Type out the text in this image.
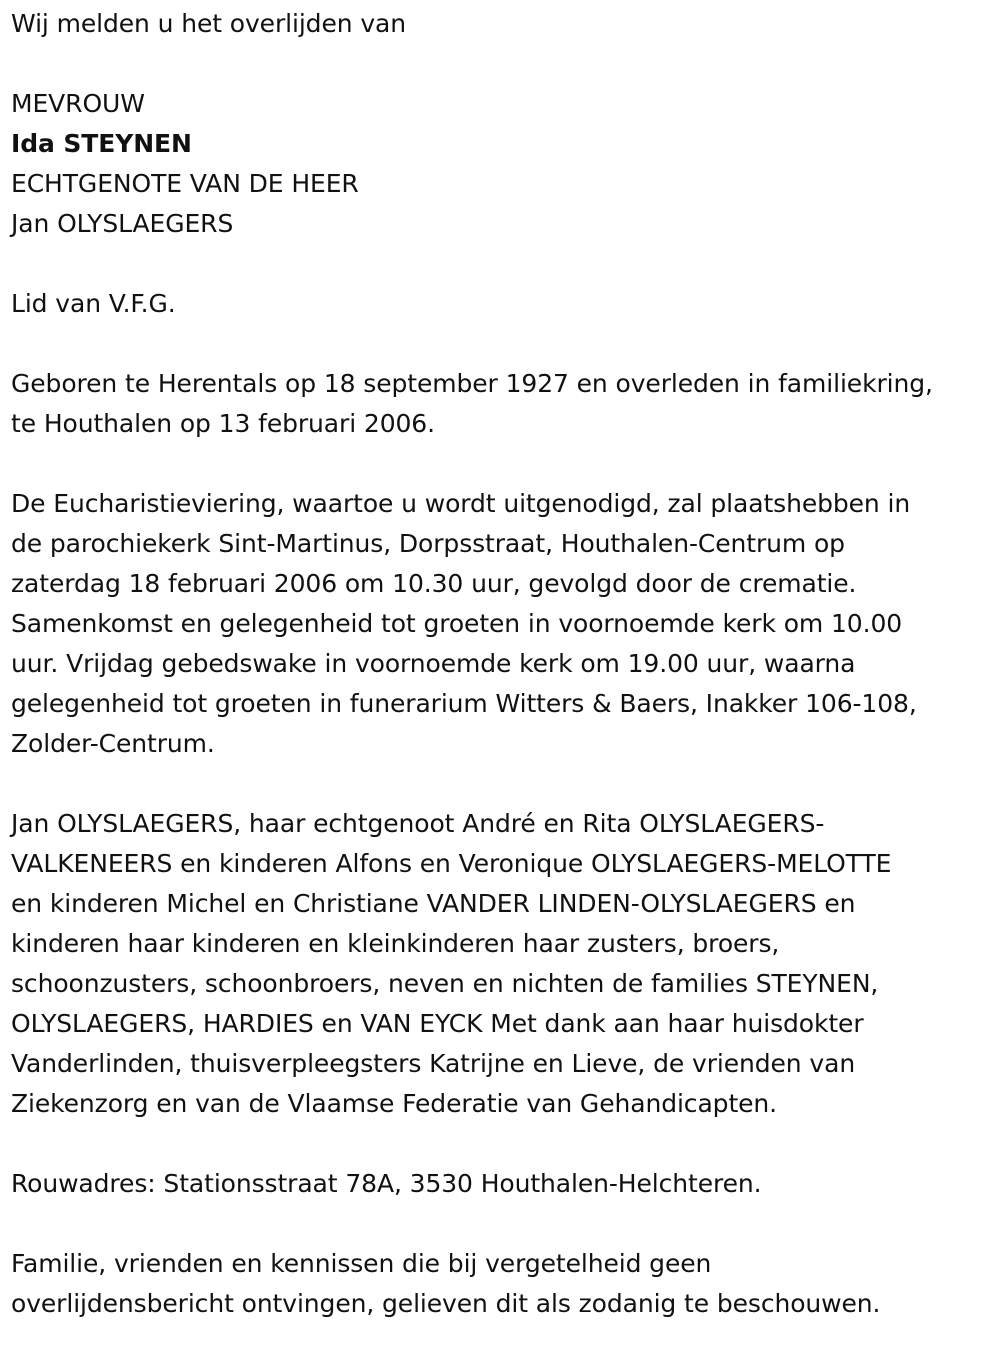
Wij melden u het overlijden van
MEVROUW
Ida STEYNEN
ECHTGENOTE VAN DE HEER
Jan OLYSLAEGERS
Lid van V.F.G.
Geboren te Herentals op 18 september 1927 en overleden in familiekring,
te Houthalen op 13 februari 2006.
De Eucharistieviering, waartoe u wordt uitgenodigd, zal plaatshebben in
de parochiekerk Sint-Martinus, Dorpsstraat, Houthalen-Centrum op
zaterdag 18 februari 2006 om 10.30 uur, gevolgd door de crematie.
Samenkomst en gelegenheid tot groeten in voornoemde kerk om 10.00
uur. Vrijdag gebedswake in voornoemde kerk om 19.00 uur, waarna
gelegenheid tot groeten in funerarium Witters & Baers, Inakker 106-108,
Zolder-Centrum.
Jan OLYSLAEGERS, haar echtgenoot André en Rita OLYSLAEGERS-
VALKENEERS en kinderen Alfons en Veronique OLYSLAEGERS-MELOTTE
en kinderen Michel en Christiane VANDER LINDEN-OLYSLAEGERS en
kinderen haar kinderen en kleinkinderen haar zusters, broers,
schoonzusters, schoonbroers, neven en nichten de families STEYNEN,
OLYSLAEGERS, HARDIES en VAN EYCK Met dank aan haar huisdokter
Vanderlinden, thuisverpleegsters Katrijne en Lieve, de vrienden van
Ziekenzorg en van de Vlaamse Federatie van Gehandicapten.
Rouwadres: Stationsstraat 78A, 3530 Houthalen-Helchteren.
Familie, vrienden en kennissen die bij vergetelheid geen
overlijdensbericht ontvingen, gelieven dit als zodanig te beschouwen.
